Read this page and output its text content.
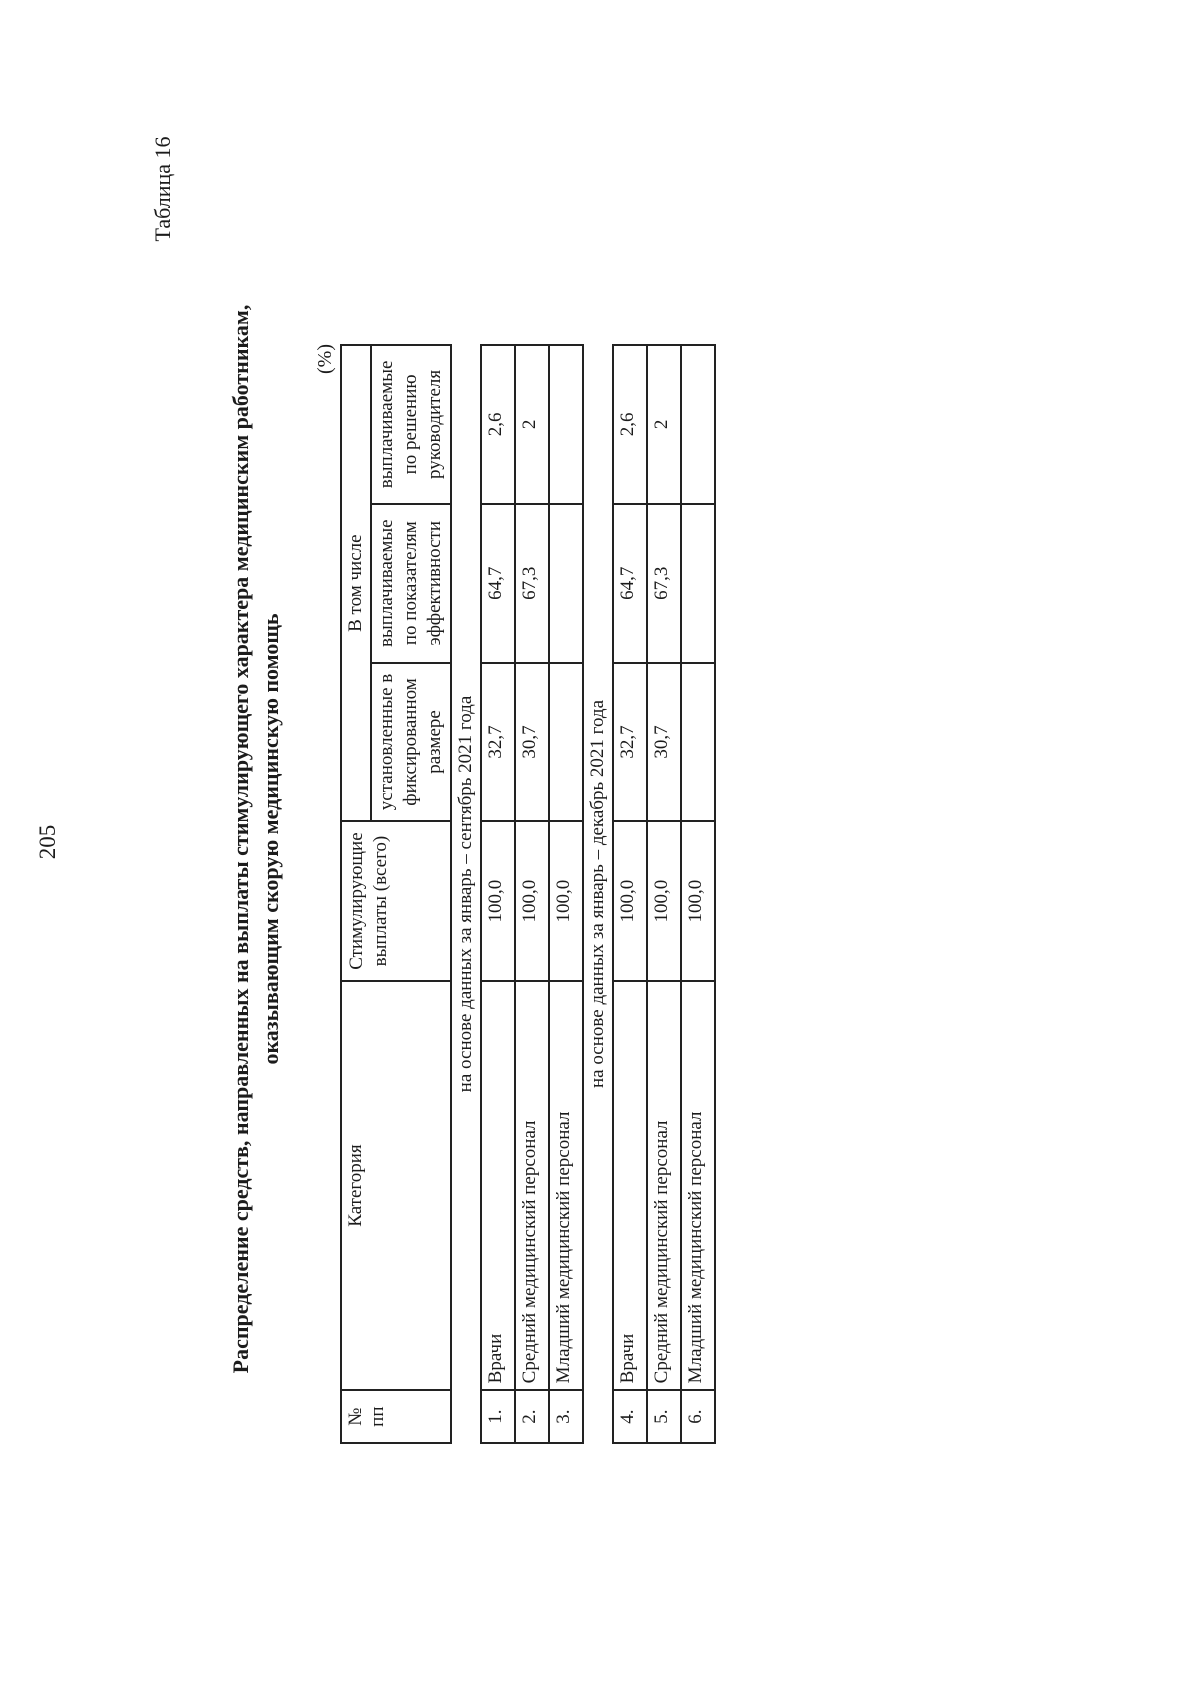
205
Таблица 16
Распределение средств, направленных на выплаты стимулирующего характера медицинским работникам, оказывающим скорую медицинскую помощь
(%)
№ пп	Категория	Стимулирующие выплаты (всего)	В том числе		
			установленные в фиксированном размере	выплачиваемые по показателям эффективности	выплачиваемые по решению руководителя
на основе данных за январь – сентябрь 2021 года					
1.	Врачи	100,0	32,7	64,7	2,6
2.	Средний медицинский персонал	100,0	30,7	67,3	2
3.	Младший медицинский персонал	100,0			
на основе данных за январь – декабрь 2021 года					
4.	Врачи	100,0	32,7	64,7	2,6
5.	Средний медицинский персонал	100,0	30,7	67,3	2
6.	Младший медицинский персонал	100,0			
